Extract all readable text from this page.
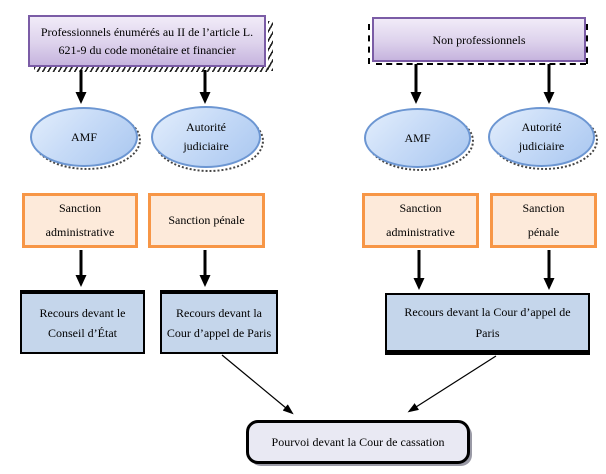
Professionnels énumérés au II de l’article L. 621-9 du code monétaire et financier
Non professionnels
AMF
Autorité judiciaire
AMF
Autorité judiciaire
Sanction administrative
Sanction pénale
Sanction administrative
Sanction pénale
Recours devant le Conseil d’État
Recours devant la Cour d’appel de Paris
Recours devant la Cour d’appel de Paris
Pourvoi devant la Cour de cassation
